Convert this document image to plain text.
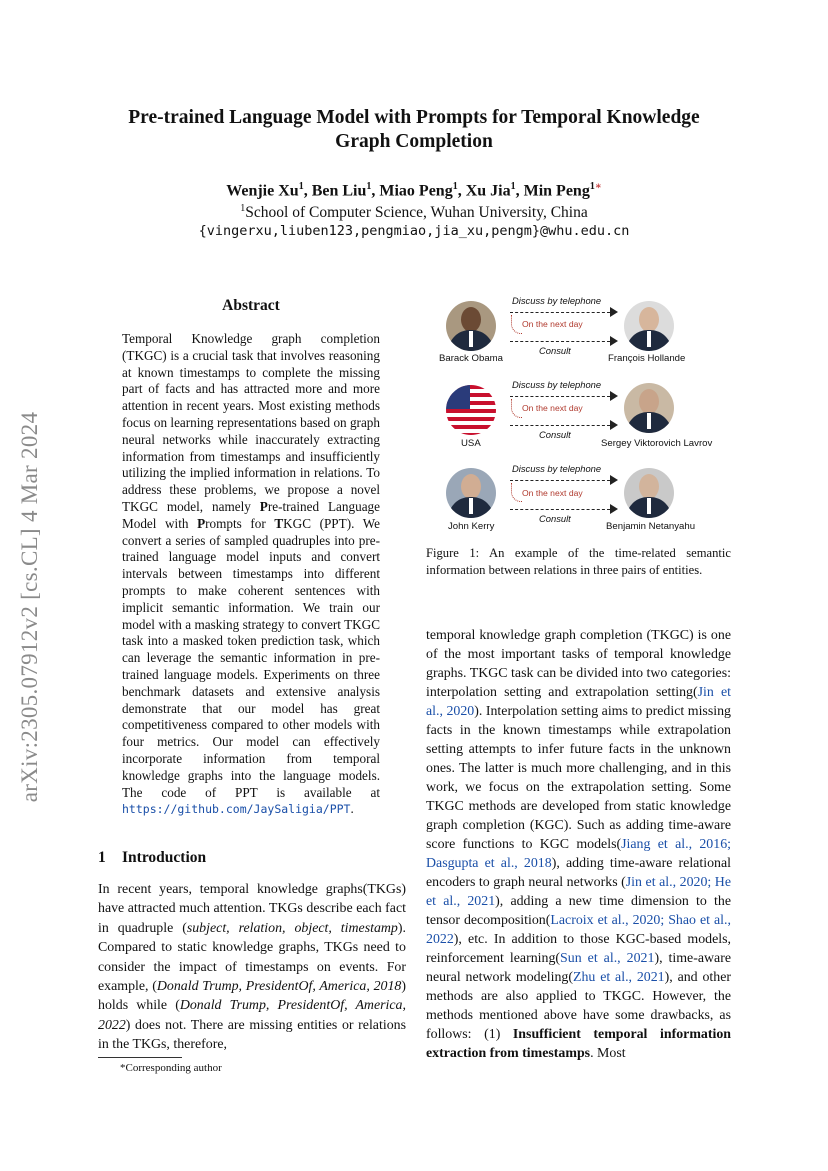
arXiv:2305.07912v2 [cs.CL] 4 Mar 2024
Pre-trained Language Model with Prompts for Temporal Knowledge
Graph Completion
Wenjie Xu$^1$, Ben Liu$^1$, Miao Peng$^1$, Xu Jia$^1$, Min Peng$^{1∗}$
$^1$School of Computer Science, Wuhan University, China
{vingerxu,liuben123,pengmiao,jia_xu,pengm}@whu.edu.cn
Abstract
Temporal Knowledge graph completion (TKGC) is a crucial task that involves reasoning at known timestamps to complete the missing part of facts and has attracted more and more attention in recent years. Most existing methods focus on learning representations based on graph neural networks while inaccurately extracting information from timestamps and insufficiently utilizing the implied information in relations. To address these problems, we propose a novel TKGC model, namely Pre-trained Language Model with Prompts for TKGC (PPT). We convert a series of sampled quadruples into pre-trained language model inputs and convert intervals between timestamps into different prompts to make coherent sentences with implicit semantic information. We train our model with a masking strategy to convert TKGC task into a masked token prediction task, which can leverage the semantic information in pre-trained language models. Experiments on three benchmark datasets and extensive analysis demonstrate that our model has great competitiveness compared to other models with four metrics. Our model can effectively incorporate information from temporal knowledge graphs into the language models. The code of PPT is available at https://github.com/JaySaligia/PPT.
1 Introduction
In recent years, temporal knowledge graphs(TKGs) have attracted much attention. TKGs describe each fact in quadruple (subject, relation, object, timestamp). Compared to static knowledge graphs, TKGs need to consider the impact of timestamps on events. For example, (Donald Trump, PresidentOf, America, 2018) holds while (Donald Trump, PresidentOf, America, 2022) does not. There are missing entities or relations in the TKGs, therefore,
*Corresponding author
Barack Obama	François Hollande
Discuss by telephone
On the next day
Consult
USA	Sergey Viktorovich Lavrov
Discuss by telephone
On the next day
Consult
John Kerry	Benjamin Netanyahu
Discuss by telephone
On the next day
Consult
Figure 1: An example of the time-related semantic information between relations in three pairs of entities.
temporal knowledge graph completion (TKGC) is one of the most important tasks of temporal knowledge graphs. TKGC task can be divided into two categories: interpolation setting and extrapolation setting(Jin et al., 2020). Interpolation setting aims to predict missing facts in the known timestamps while extrapolation setting attempts to infer future facts in the unknown ones. The latter is much more challenging, and in this work, we focus on the extrapolation setting. Some TKGC methods are developed from static knowledge graph completion (KGC). Such as adding time-aware score functions to KGC models(Jiang et al., 2016; Dasgupta et al., 2018), adding time-aware relational encoders to graph neural networks (Jin et al., 2020; He et al., 2021), adding a new time dimension to the tensor decomposition(Lacroix et al., 2020; Shao et al., 2022), etc. In addition to those KGC-based models, reinforcement learning(Sun et al., 2021), time-aware neural network modeling(Zhu et al., 2021), and other methods are also applied to TKGC. However, the methods mentioned above have some drawbacks, as follows: (1) Insufficient temporal information extraction from timestamps. Most
